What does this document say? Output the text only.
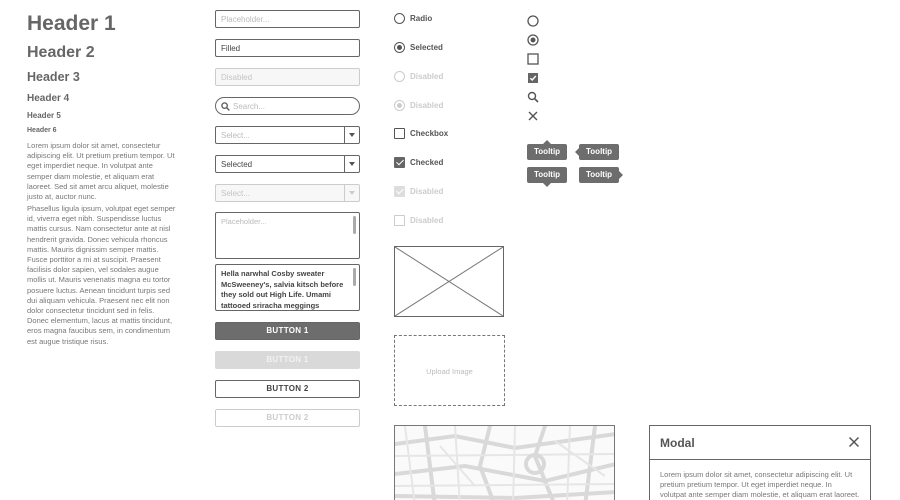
Header 1
Header 2
Header 3
Header 4
Header 5
Header 6
Lorem ipsum dolor sit amet, consectetur adipiscing elit. Ut pretium pretium tempor. Ut eget imperdiet neque. In volutpat ante semper diam molestie, et aliquam erat laoreet. Sed sit amet arcu aliquet, molestie justo at, auctor nunc.
Phasellus ligula ipsum, volutpat eget semper id, viverra eget nibh. Suspendisse luctus mattis cursus. Nam consectetur ante at nisl hendrerit gravida. Donec vehicula rhoncus mattis. Mauris dignissim semper mattis. Fusce porttitor a mi at suscipit. Praesent facilisis dolor sapien, vel sodales augue mollis ut. Mauris venenatis magna eu tortor posuere luctus. Aenean tincidunt turpis sed dui aliquam vehicula. Praesent nec elit non dolor consectetur tincidunt sed in felis. Donec elementum, lacus at mattis tincidunt, eros magna faucibus sem, in condimentum est augue tristique risus.
Placeholder...
Filled
Disabled
Search...
Select...
Selected
Select...
Placeholder...
Hella narwhal Cosby sweater McSweeney's, salvia kitsch before they sold out High Life. Umami tattooed sriracha meggings
BUTTON 1
BUTTON 1
BUTTON 2
BUTTON 2
Radio
Selected
Disabled
Disabled
Checkbox
Checked
Disabled
Disabled
Upload Image
Tooltip	Tooltip
Tooltip	Tooltip
Modal
Lorem ipsum dolor sit amet, consectetur adipiscing elit. Ut pretium pretium tempor. Ut eget imperdiet neque. In volutpat ante semper diam molestie, et aliquam erat laoreet.
